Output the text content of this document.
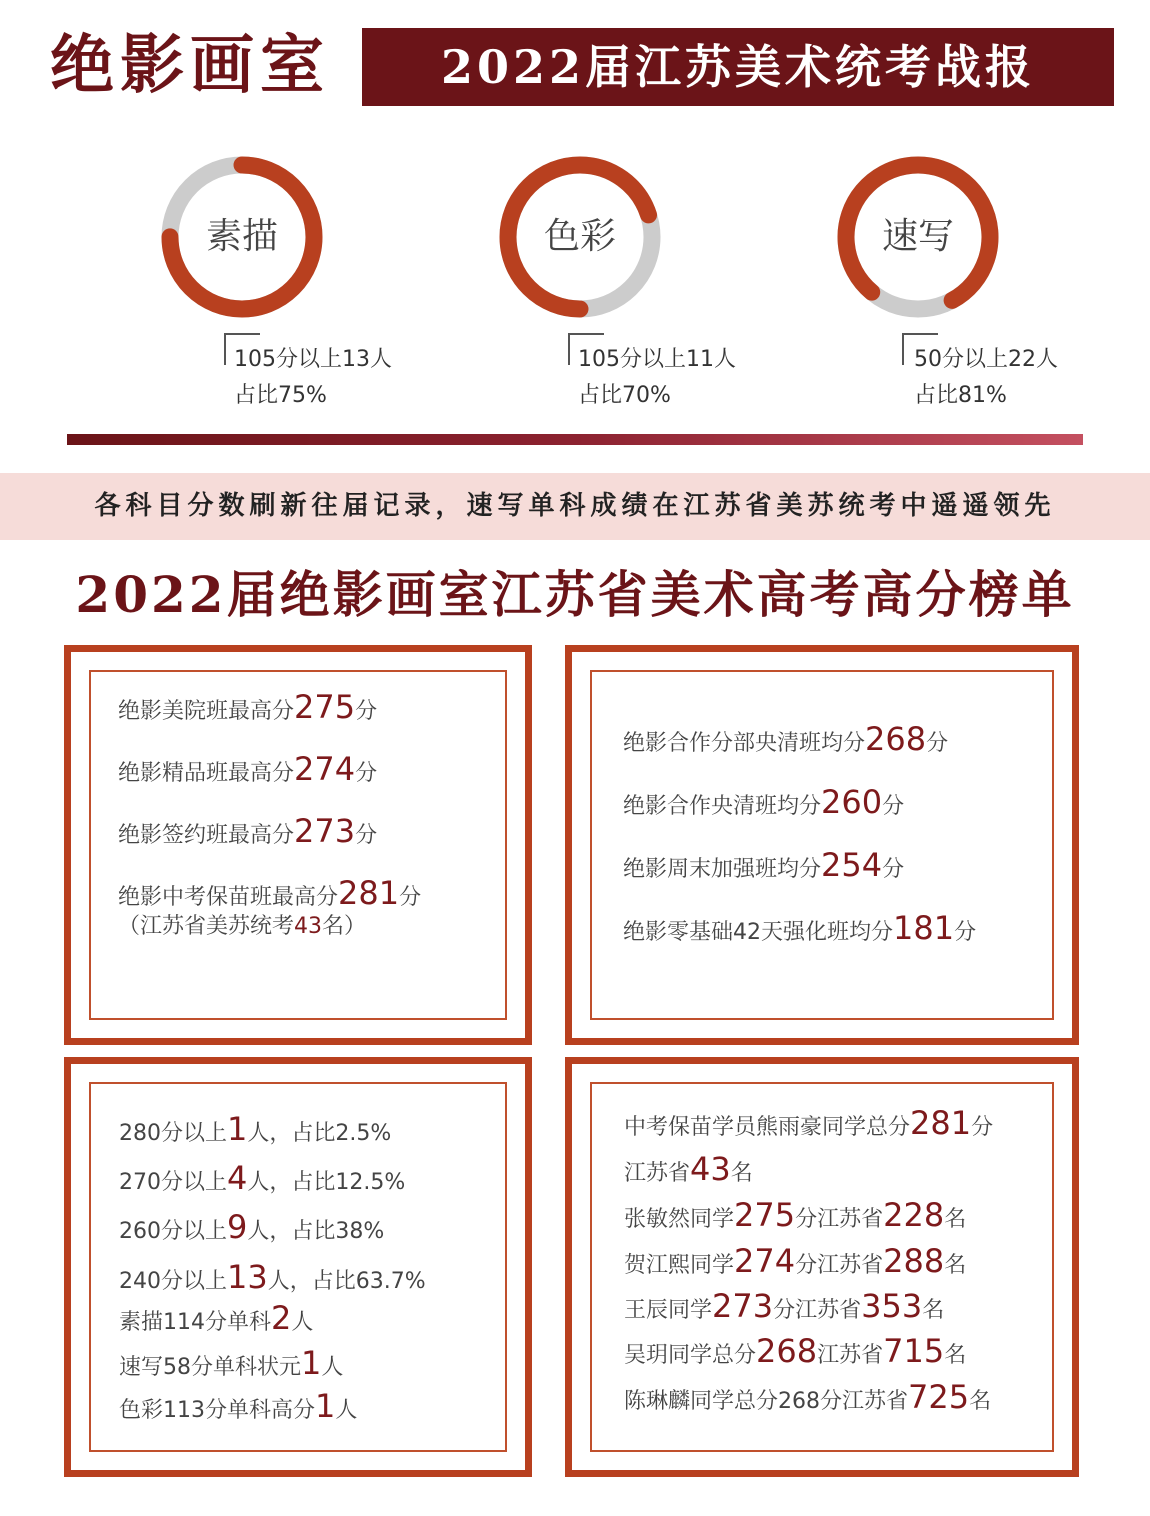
绝影画室	2022届江苏美术统考战报
素描	色彩	速写
105分以上13人
占比75%
105分以上11人
占比70%
50分以上22人
占比81%
各科目分数刷新往届记录，速写单科成绩在江苏省美苏统考中遥遥领先
2022届绝影画室江苏省美术高考高分榜单
绝影美院班最高分275分
绝影精品班最高分274分
绝影签约班最高分273分
绝影中考保苗班最高分281分
（江苏省美苏统考43名）
绝影合作分部央清班均分268分
绝影合作央清班均分260分
绝影周末加强班均分254分
绝影零基础42天强化班均分181分
280分以上1人，占比2.5%
270分以上4人，占比12.5%
260分以上9人，占比38%
240分以上13人，占比63.7%
素描114分单科2人
速写58分单科状元1人
色彩113分单科高分1人
中考保苗学员熊雨豪同学总分281分
江苏省43名
张敏然同学275分江苏省228名
贺江熙同学274分江苏省288名
王辰同学273分江苏省353名
吴玥同学总分268江苏省715名
陈琳麟同学总分268分江苏省725名
